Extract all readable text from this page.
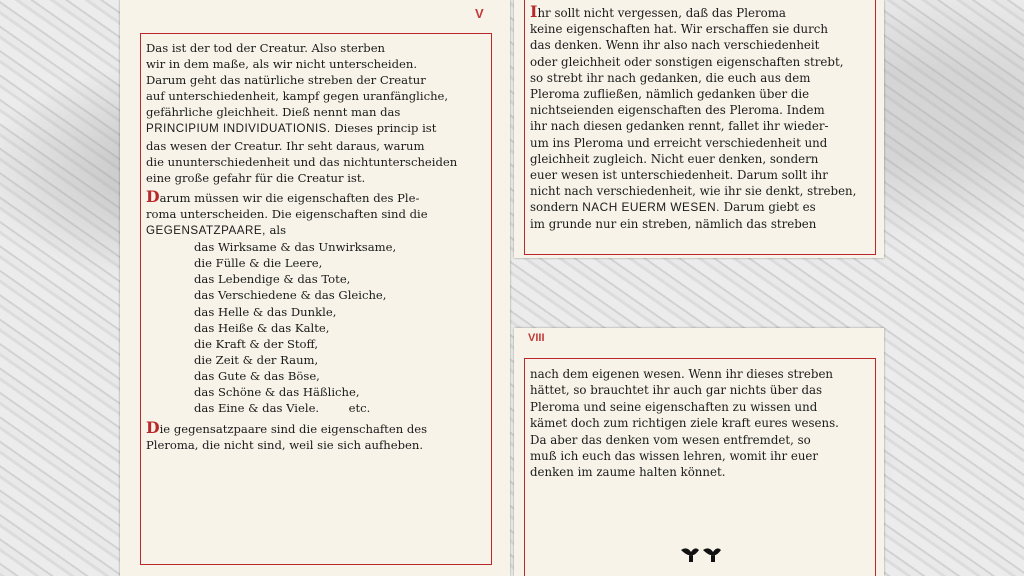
V
Das ist der tod der Creatur. Also sterben
wir in dem maße, als wir nicht unterscheiden.
Darum geht das natürliche streben der Creatur
auf unterschiedenheit, kampf gegen uranfängliche,
gefährliche gleichheit. Dieß nennt man das
PRINCIPIUM INDIVIDUATIONIS. Dieses princip ist
das wesen der Creatur. Ihr seht daraus, warum
die ununterschiedenheit und das nichtunterscheiden
eine große gefahr für die Creatur ist.
Darum müssen wir die eigenschaften des Ple-
roma unterscheiden. Die eigenschaften sind die
GEGENSATZPAARE, als
das Wirksame & das Unwirksame,
die Fülle & die Leere,
das Lebendige & das Tote,
das Verschiedene & das Gleiche,
das Helle & das Dunkle,
das Heiße & das Kalte,
die Kraft & der Stoff,
die Zeit & der Raum,
das Gute & das Böse,
das Schöne & das Häßliche,
das Eine & das Viele.        etc.
Die gegensatzpaare sind die eigenschaften des
Pleroma, die nicht sind, weil sie sich aufheben.
Ihr sollt nicht vergessen, daß das Pleroma
keine eigenschaften hat. Wir erschaffen sie durch
das denken. Wenn ihr also nach verschiedenheit
oder gleichheit oder sonstigen eigenschaften strebt,
so strebt ihr nach gedanken, die euch aus dem
Pleroma zufließen, nämlich gedanken über die
nichtseienden eigenschaften des Pleroma. Indem
ihr nach diesen gedanken rennt, fallet ihr wieder-
um ins Pleroma und erreicht verschiedenheit und
gleichheit zugleich. Nicht euer denken, sondern
euer wesen ist unterschiedenheit. Darum sollt ihr
nicht nach verschiedenheit, wie ihr sie denkt, streben,
sondern NACH EUERM WESEN. Darum giebt es
im grunde nur ein streben, nämlich das streben
VIII
nach dem eigenen wesen. Wenn ihr dieses streben
hättet, so brauchtet ihr auch gar nichts über das
Pleroma und seine eigenschaften zu wissen und
kämet doch zum richtigen ziele kraft eures wesens.
Da aber das denken vom wesen entfremdet, so
muß ich euch das wissen lehren, womit ihr euer
denken im zaume halten könnet.
